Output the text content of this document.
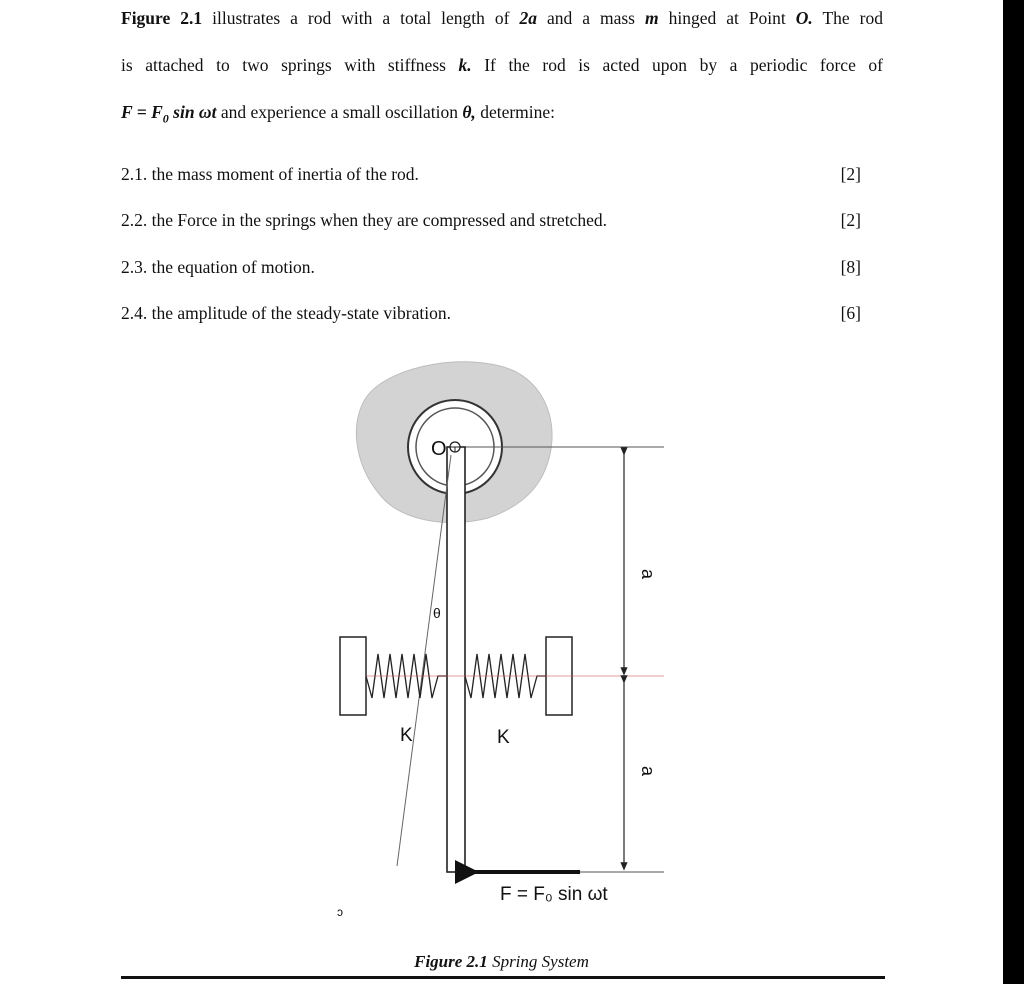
Figure 2.1 illustrates a rod with a total length of 2a and a mass m hinged at Point O. The rod
is attached to two springs with stiffness k. If the rod is acted upon by a periodic force of
$F = F_0$ sin ωt and experience a small oscillation θ, determine:
2.1. the mass moment of inertia of the rod.	[2]
2.2. the Force in the springs when they are compressed and stretched.	[2]
2.3. the equation of motion.	[8]
2.4. the amplitude of the steady-state vibration.	[6]
O
θ
K	K
a
a
F = F₀ sin ωt
ↄ
Figure 2.1 Spring System
